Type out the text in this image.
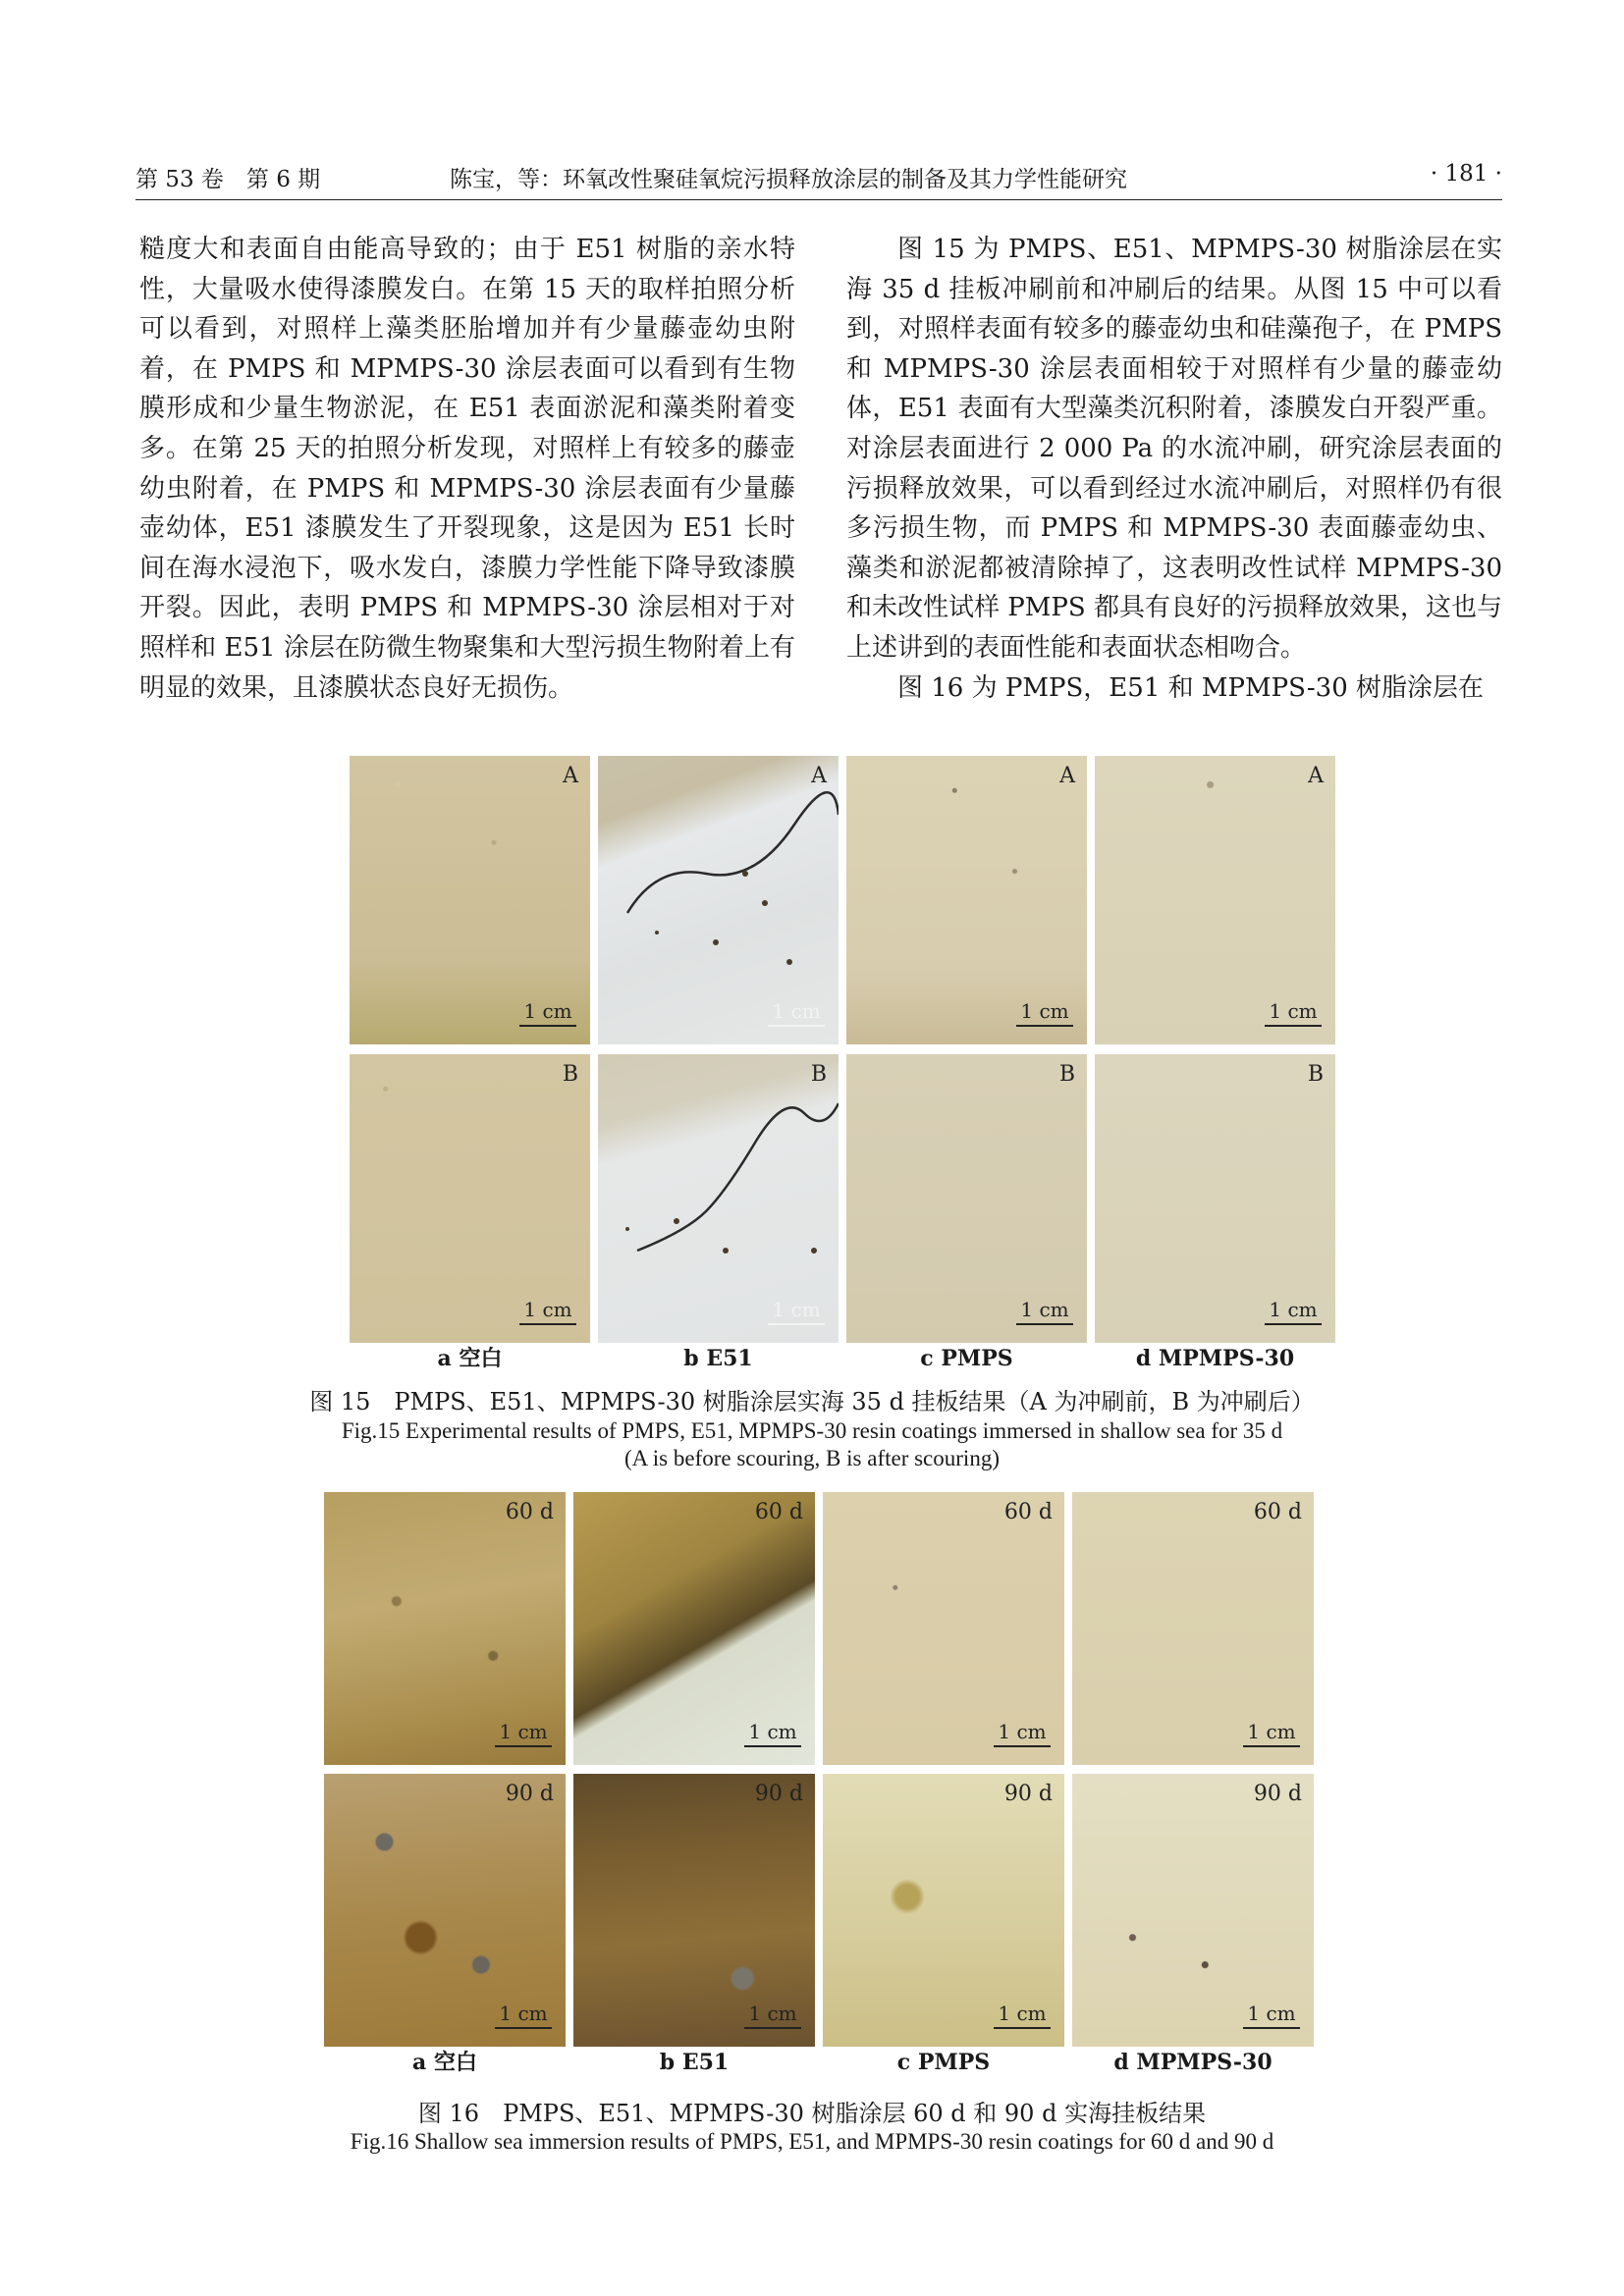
第 53 卷　第 6 期	陈宝，等：环氧改性聚硅氧烷污损释放涂层的制备及其力学性能研究	· 181 ·

糙度大和表面自由能高导致的；由于 E51 树脂的亲水特性，大量吸水使得漆膜发白。在第 15 天的取样拍照分析可以看到，对照样上藻类胚胎增加并有少量藤壶幼虫附着，在 PMPS 和 MPMPS-30 涂层表面可以看到有生物膜形成和少量生物淤泥，在 E51 表面淤泥和藻类附着变多。在第 25 天的拍照分析发现，对照样上有较多的藤壶幼虫附着，在 PMPS 和 MPMPS-30 涂层表面有少量藤壶幼体，E51 漆膜发生了开裂现象，这是因为 E51 长时间在海水浸泡下，吸水发白，漆膜力学性能下降导致漆膜开裂。因此，表明 PMPS 和 MPMPS-30 涂层相对于对照样和 E51 涂层在防微生物聚集和大型污损生物附着上有明显的效果，且漆膜状态良好无损伤。

图 15 为 PMPS、E51、MPMPS-30 树脂涂层在实海 35 d 挂板冲刷前和冲刷后的结果。从图 15 中可以看到，对照样表面有较多的藤壶幼虫和硅藻孢子，在 PMPS 和 MPMPS-30 涂层表面相较于对照样有少量的藤壶幼体，E51 表面有大型藻类沉积附着，漆膜发白开裂严重。对涂层表面进行 2 000 Pa 的水流冲刷，研究涂层表面的污损释放效果，可以看到经过水流冲刷后，对照样仍有很多污损生物，而 PMPS 和 MPMPS-30 表面藤壶幼虫、藻类和淤泥都被清除掉了，这表明改性试样 MPMPS-30 和未改性试样 PMPS 都具有良好的污损释放效果，这也与上述讲到的表面性能和表面状态相吻合。

图 16 为 PMPS，E51 和 MPMPS-30 树脂涂层在

A
1 cm
A
1 cm
A
1 cm
A
1 cm
B
1 cm
B
1 cm
B
1 cm
B
1 cm
a 空白	b E51	c PMPS	d MPMPS-30
图 15　PMPS、E51、MPMPS-30 树脂涂层实海 35 d 挂板结果（A 为冲刷前，B 为冲刷后）
Fig.15 Experimental results of PMPS, E51, MPMPS-30 resin coatings immersed in shallow sea for 35 d
(A is before scouring, B is after scouring)
60 d
1 cm
60 d
1 cm
60 d
1 cm
60 d
1 cm
90 d
1 cm
90 d
1 cm
90 d
1 cm
90 d
1 cm
a 空白	b E51	c PMPS	d MPMPS-30
图 16　PMPS、E51、MPMPS-30 树脂涂层 60 d 和 90 d 实海挂板结果
Fig.16 Shallow sea immersion results of PMPS, E51, and MPMPS-30 resin coatings for 60 d and 90 d
